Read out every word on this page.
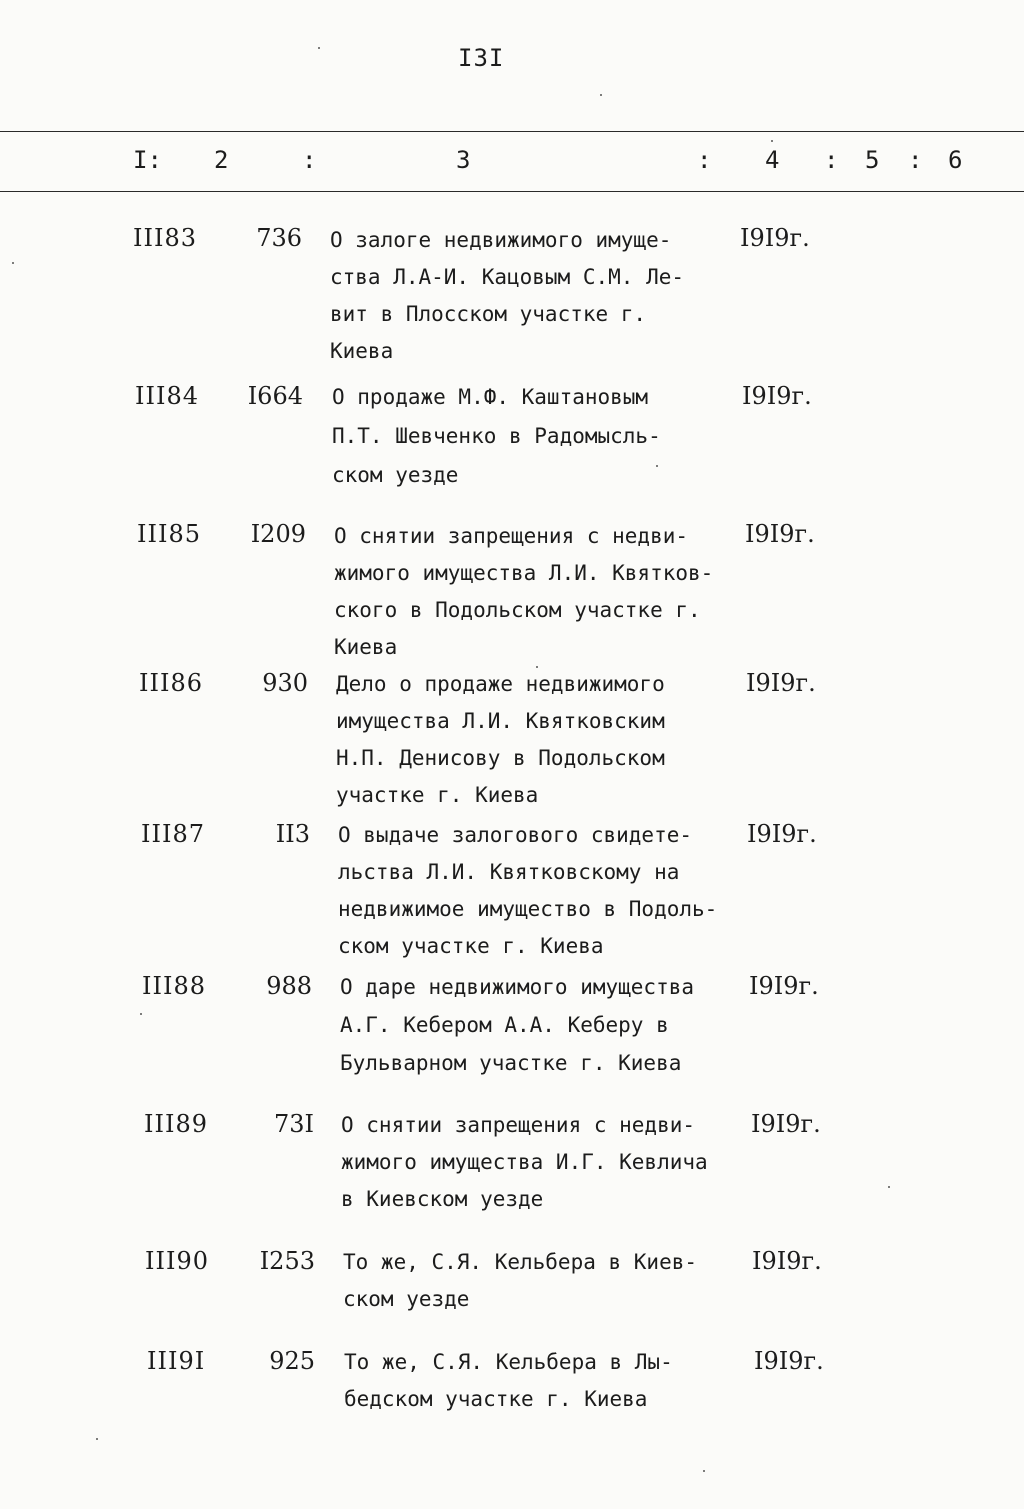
I3I
I: 2	:	3	: 4 : 5 : 6
III83	736 О залоге недвижимого имуще-
ства Л.А-И. Кацовым С.М. Ле-
вит в Плосском участке г.
Киева
I9I9г.
III84	I664 О продаже М.Ф. Каштановым
П.Т. Шевченко в Радомысль-
ском уезде
I9I9г.
III85	I209 О снятии запрещения с недви-
жимого имущества Л.И. Квятков-
ского в Подольском участке г.
Киева
I9I9г.
III86	930 Дело о продаже недвижимого
имущества Л.И. Квятковским
Н.П. Денисову в Подольском
участке г. Киева
I9I9г.
III87	II3 О выдаче залогового свидете-
льства Л.И. Квятковскому на
недвижимое имущество в Подоль-
ском участке г. Киева
I9I9г.
III88	988 О даре недвижимого имущества
А.Г. Кебером А.А. Кеберу в
Бульварном участке г. Киева
I9I9г.
III89	73I О снятии запрещения с недви-
жимого имущества И.Г. Кевлича
в Киевском уезде
I9I9г.
III90	I253 То же, С.Я. Кельбера в Киев-
ском уезде
I9I9г.
III9I	925 То же, С.Я. Кельбера в Лы-
бедском участке г. Киева
I9I9г.
